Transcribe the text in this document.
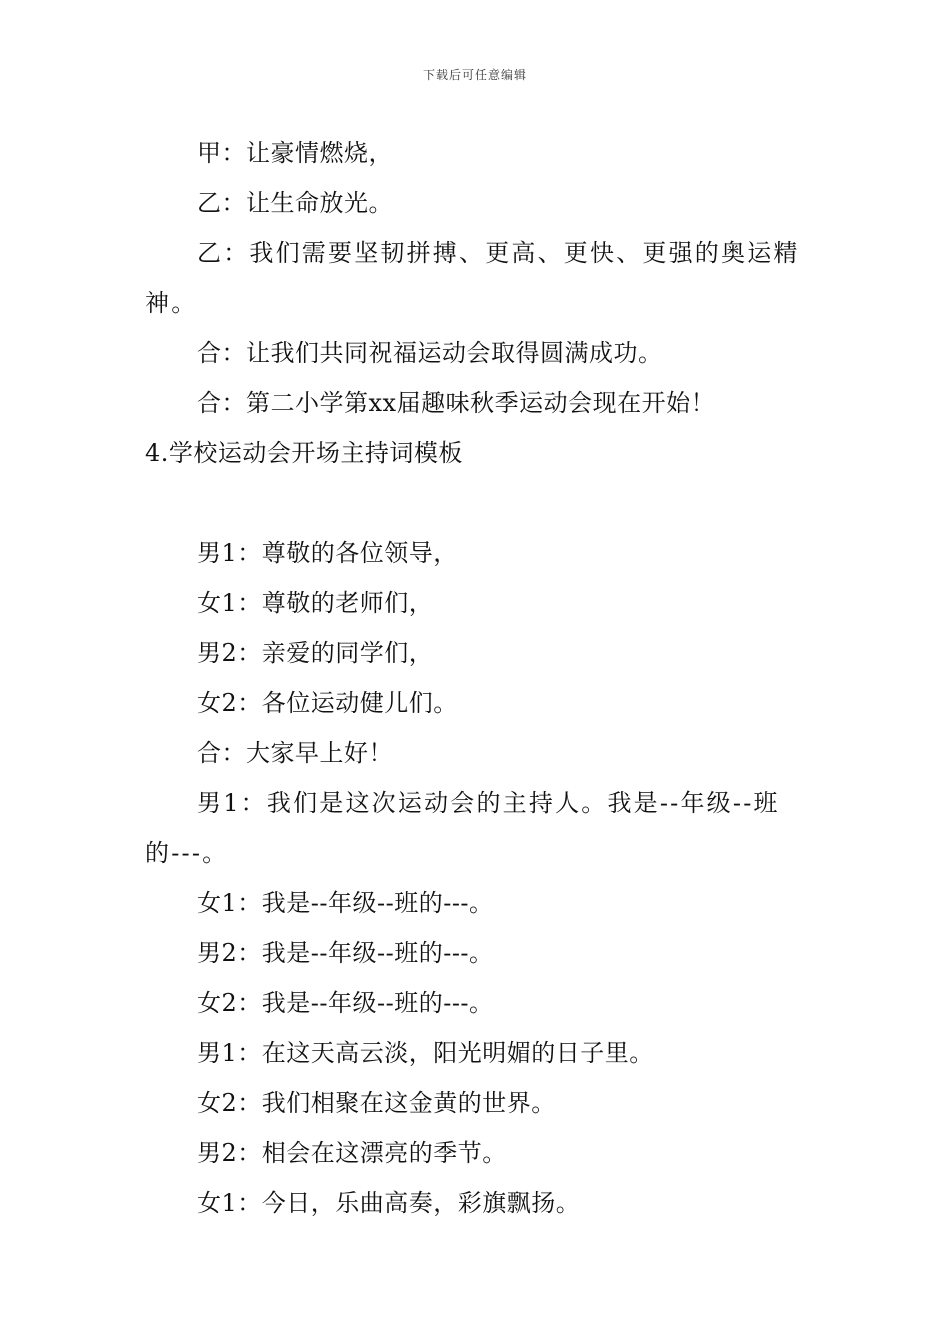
下载后可任意编辑
甲：让豪情燃烧，
乙：让生命放光。
乙：我们需要坚韧拼搏、更高、更快、更强的奥运精神。
合：让我们共同祝福运动会取得圆满成功。
合：第二小学第xx届趣味秋季运动会现在开始！
4.学校运动会开场主持词模板
男1：尊敬的各位领导，
女1：尊敬的老师们，
男2：亲爱的同学们，
女2：各位运动健儿们。
合：大家早上好！
男1：我们是这次运动会的主持人。我是--年级--班的---。
女1：我是--年级--班的---。
男2：我是--年级--班的---。
女2：我是--年级--班的---。
男1：在这天高云淡，阳光明媚的日子里。
女2：我们相聚在这金黄的世界。
男2：相会在这漂亮的季节。
女1：今日，乐曲高奏，彩旗飘扬。
